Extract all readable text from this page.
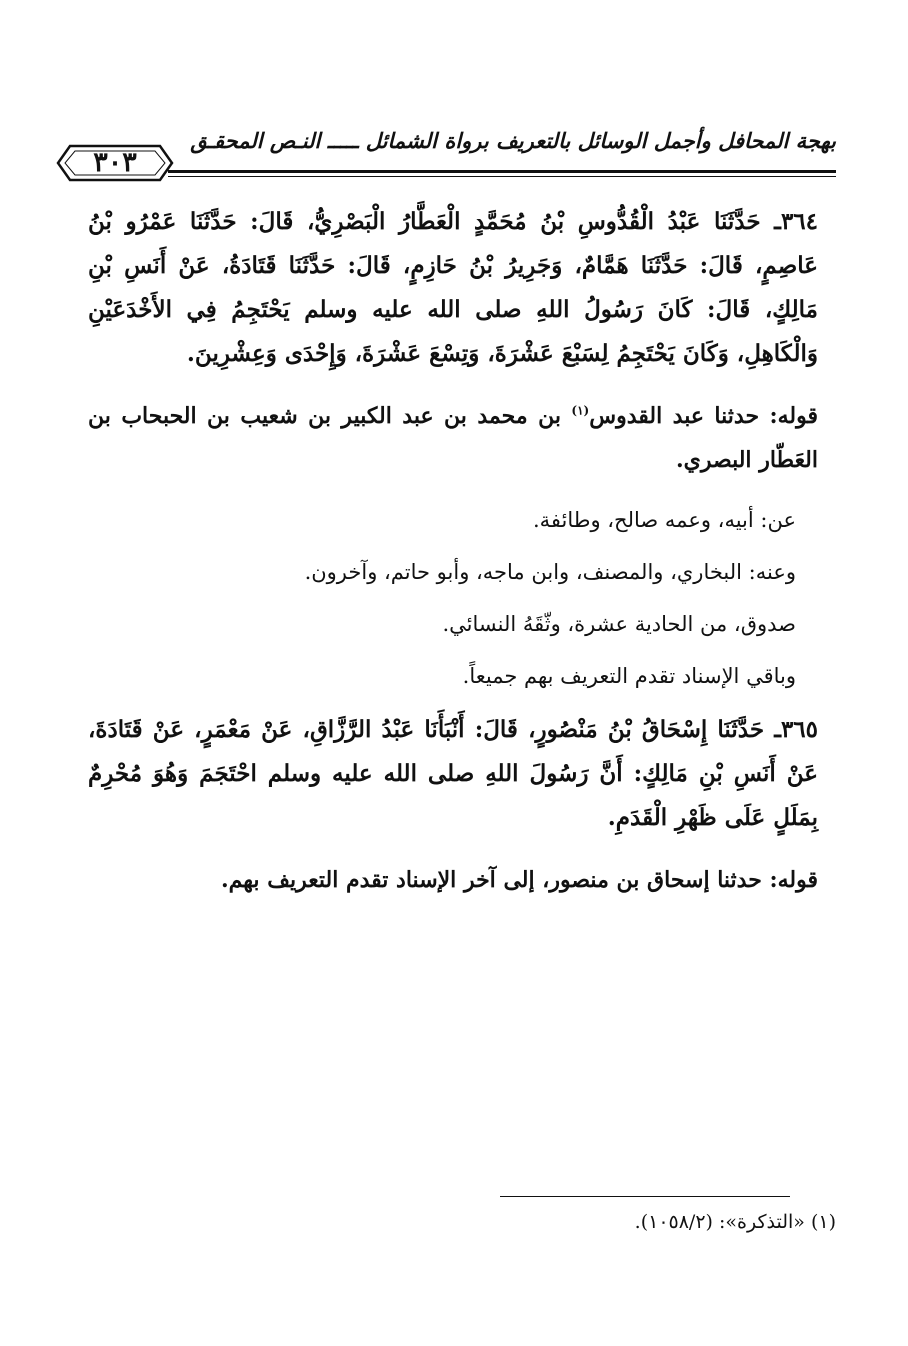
بهجة المحافل وأجمل الوسائل بالتعريف برواة الشمائل ـــــ النـص المحقـق
٣٠٣

٣٦٤ـ حَدَّثَنَا عَبْدُ الْقُدُّوسِ بْنُ مُحَمَّدٍ الْعَطَّارُ الْبَصْرِيُّ، قَالَ: حَدَّثَنَا عَمْرُو بْنُ عَاصِمٍ، قَالَ: حَدَّثَنَا هَمَّامٌ، وَجَرِيرُ بْنُ حَازِمٍ، قَالَ: حَدَّثَنَا قَتَادَةُ، عَنْ أَنَسِ بْنِ مَالِكٍ، قَالَ: كَانَ رَسُولُ اللهِ صلى الله عليه وسلم يَحْتَجِمُ فِي الأَخْدَعَيْنِ وَالْكَاهِلِ، وَكَانَ يَحْتَجِمُ لِسَبْعَ عَشْرَةَ، وَتِسْعَ عَشْرَةَ، وَإِحْدَى وَعِشْرِينَ.

قوله: حدثنا عبد القدوس$^{(١)}$ بن محمد بن عبد الكبير بن شعيب بن الحبحاب بن العَطّار البصري.

عن: أبيه، وعمه صالح، وطائفة.

وعنه: البخاري، والمصنف، وابن ماجه، وأبو حاتم، وآخرون.

صدوق، من الحادية عشرة، وثّقَهُ النسائي.

وباقي الإسناد تقدم التعريف بهم جميعاً.

٣٦٥ـ حَدَّثَنَا إِسْحَاقُ بْنُ مَنْصُورٍ، قَالَ: أَنْبَأَنَا عَبْدُ الرَّزَّاقِ، عَنْ مَعْمَرٍ، عَنْ قَتَادَةَ، عَنْ أَنَسِ بْنِ مَالِكٍ: أَنَّ رَسُولَ اللهِ صلى الله عليه وسلم احْتَجَمَ وَهُوَ مُحْرِمٌ بِمَلَلٍ عَلَى ظَهْرِ الْقَدَمِ.

قوله: حدثنا إسحاق بن منصور، إلى آخر الإسناد تقدم التعريف بهم.

(١) «التذكرة»: (١٠٥٨/٢).
